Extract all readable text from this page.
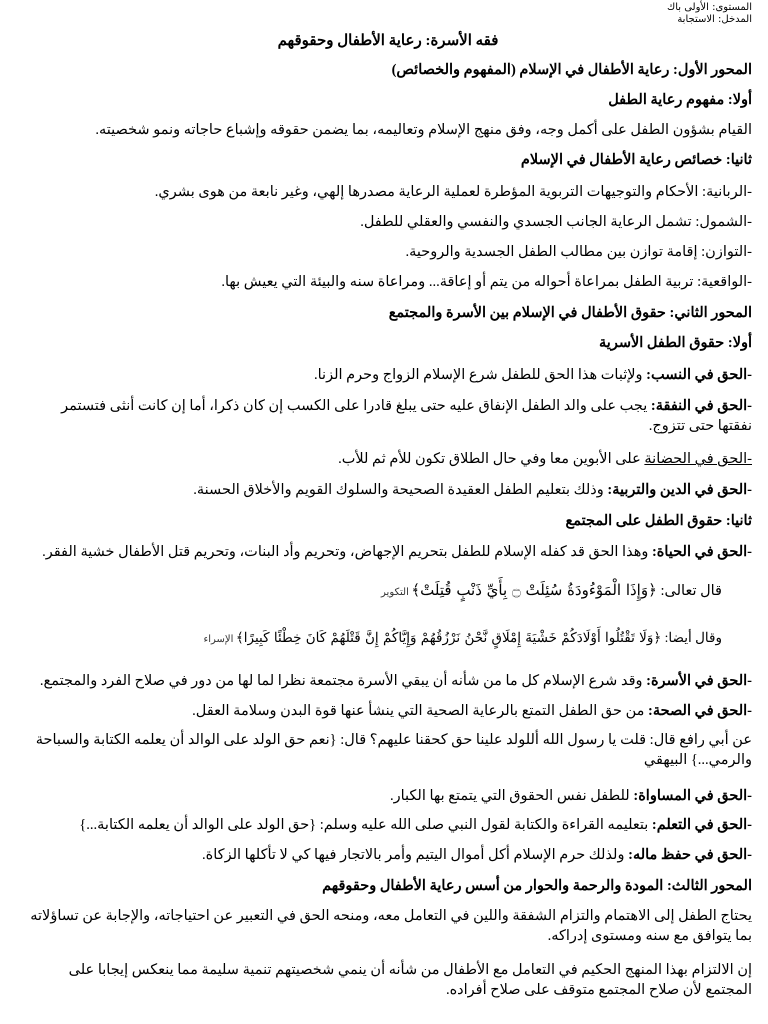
المستوى: الأولى باك
المدخل: الاستجابة
فقه الأسرة: رعاية الأطفال وحقوقهم
المحور الأول: رعاية الأطفال في الإسلام (المفهوم والخصائص)
أولا: مفهوم رعاية الطفل
القيام بشؤون الطفل على أكمل وجه، وفق منهج الإسلام وتعاليمه، بما يضمن حقوقه وإشباع حاجاته ونمو شخصيته.
ثانيا: خصائص رعاية الأطفال في الإسلام
-الربانية: الأحكام والتوجيهات التربوية المؤطرة لعملية الرعاية مصدرها إلهي، وغير نابعة من هوى بشري.
-الشمول: تشمل الرعاية الجانب الجسدي والنفسي والعقلي للطفل.
-التوازن: إقامة توازن بين مطالب الطفل الجسدية والروحية.
-الواقعية: تربية الطفل بمراعاة أحواله من يتم أو إعاقة... ومراعاة سنه والبيئة التي يعيش بها.
المحور الثاني: حقوق الأطفال في الإسلام بين الأسرة والمجتمع
أولا: حقوق الطفل الأسرية
-الحق في النسب: ولإثبات هذا الحق للطفل شرع الإسلام الزواج وحرم الزنا.
-الحق في النفقة: يجب على والد الطفل الإنفاق عليه حتى يبلغ قادرا على الكسب إن كان ذكرا، أما إن كانت أنثى فتستمر نفقتها حتى تتزوج.
-الحق في الحضانة على الأبوين معا وفي حال الطلاق تكون للأم ثم للأب.
-الحق في الدين والتربية: وذلك بتعليم الطفل العقيدة الصحيحة والسلوك القويم والأخلاق الحسنة.
ثانيا: حقوق الطفل على المجتمع
-الحق في الحياة: وهذا الحق قد كفله الإسلام للطفل بتحريم الإجهاض، وتحريم وأد البنات، وتحريم قتل الأطفال خشية الفقر.
قال تعالى: ﴿وَإِذَا الْمَوْءُودَةُ سُئِلَتْ ۝ بِأَيِّ ذَنْبٍ قُتِلَتْ﴾ التكوير
وقال أيضا: ﴿وَلَا تَقْتُلُوا أَوْلَادَكُمْ خَشْيَةَ إِمْلَاقٍ نَّحْنُ نَرْزُقُهُمْ وَإِيَّاكُمْ إِنَّ قَتْلَهُمْ كَانَ خِطْئًا كَبِيرًا﴾ الإسراء
-الحق في الأسرة: وقد شرع الإسلام كل ما من شأنه أن يبقي الأسرة مجتمعة نظرا لما لها من دور في صلاح الفرد والمجتمع.
-الحق في الصحة: من حق الطفل التمتع بالرعاية الصحية التي ينشأ عنها قوة البدن وسلامة العقل.
عن أبي رافع قال: قلت يا رسول الله أللولد علينا حق كحقنا عليهم؟ قال: {نعم حق الولد على الوالد أن يعلمه الكتابة والسباحة والرمي...} البيهقي
-الحق في المساواة: للطفل نفس الحقوق التي يتمتع بها الكبار.
-الحق في التعلم: بتعليمه القراءة والكتابة لقول النبي صلى الله عليه وسلم: {حق الولد على الوالد أن يعلمه الكتابة...}
-الحق في حفظ ماله: ولذلك حرم الإسلام أكل أموال اليتيم وأمر بالاتجار فيها كي لا تأكلها الزكاة.
المحور الثالث: المودة والرحمة والحوار من أسس رعاية الأطفال وحقوقهم
يحتاج الطفل إلى الاهتمام والتزام الشفقة واللين في التعامل معه، ومنحه الحق في التعبير عن احتياجاته، والإجابة عن تساؤلاته بما يتوافق مع سنه ومستوى إدراكه.
إن الالتزام بهذا المنهج الحكيم في التعامل مع الأطفال من شأنه أن ينمي شخصيتهم تنمية سليمة مما ينعكس إيجابا على المجتمع لأن صلاح المجتمع متوقف على صلاح أفراده.
